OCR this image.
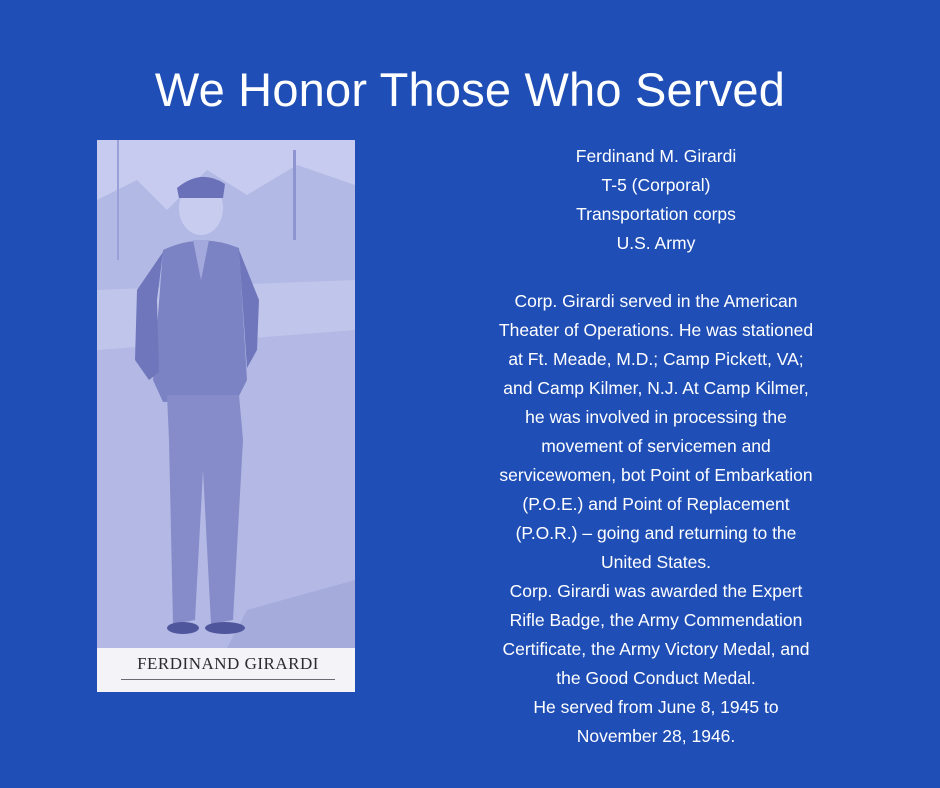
We Honor Those Who Served
FERDINAND GIRARDI

Ferdinand M. Girardi

T-5 (Corporal)

Transportation corps

U.S. Army

Corp. Girardi served in the American

Theater of Operations. He was stationed

at Ft. Meade, M.D.; Camp Pickett, VA;

and Camp Kilmer, N.J. At Camp Kilmer,

he was involved in processing the

movement of servicemen and

servicewomen, bot Point of Embarkation

(P.O.E.) and Point of Replacement

(P.O.R.) – going and returning to the

United States.

Corp. Girardi was awarded the Expert

Rifle Badge, the Army Commendation

Certificate, the Army Victory Medal, and

the Good Conduct Medal.

He served from June 8, 1945 to

November 28, 1946.
